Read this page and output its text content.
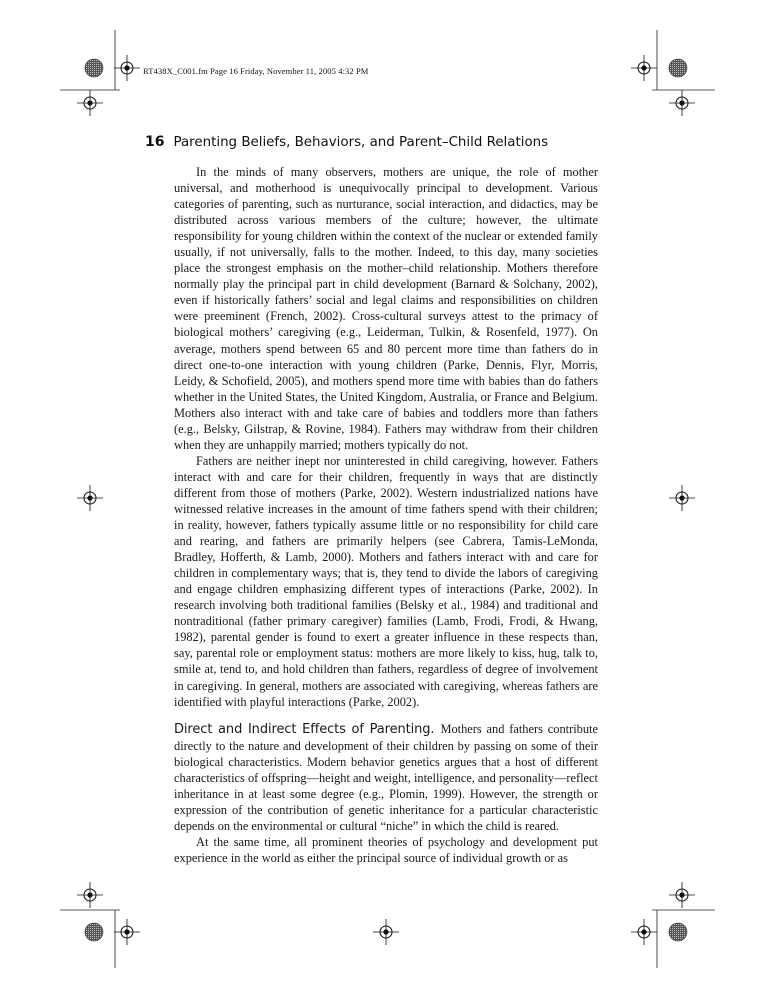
RT438X_C001.fm Page 16 Friday, November 11, 2005 4:32 PM
16 Parenting Beliefs, Behaviors, and Parent–Child Relations

In the minds of many observers, mothers are unique, the role of mother universal, and motherhood is unequivocally principal to development. Various categories of parenting, such as nurturance, social interaction, and didactics, may be distributed across various members of the culture; however, the ultimate responsibility for young children within the context of the nuclear or extended family usually, if not universally, falls to the mother. Indeed, to this day, many societies place the strongest emphasis on the mother–child relationship. Mothers therefore normally play the principal part in child development (Barnard & Solchany, 2002), even if historically fathers’ social and legal claims and responsibilities on children were preeminent (French, 2002). Cross-cultural surveys attest to the primacy of biological mothers’ caregiving (e.g., Leiderman, Tulkin, & Rosenfeld, 1977). On average, mothers spend between 65 and 80 percent more time than fathers do in direct one-to-one interaction with young children (Parke, Dennis, Flyr, Morris, Leidy, & Schofield, 2005), and mothers spend more time with babies than do fathers whether in the United States, the United Kingdom, Australia, or France and Belgium. Mothers also interact with and take care of babies and toddlers more than fathers (e.g., Belsky, Gilstrap, & Rovine, 1984). Fathers may withdraw from their children when they are unhappily married; mothers typically do not.

Fathers are neither inept nor uninterested in child caregiving, however. Fathers interact with and care for their children, frequently in ways that are distinctly different from those of mothers (Parke, 2002). Western industrialized nations have witnessed relative increases in the amount of time fathers spend with their children; in reality, however, fathers typically assume little or no responsibility for child care and rearing, and fathers are primarily helpers (see Cabrera, Tamis-LeMonda, Bradley, Hofferth, & Lamb, 2000). Mothers and fathers interact with and care for children in complementary ways; that is, they tend to divide the labors of caregiving and engage children emphasizing different types of interactions (Parke, 2002). In research involving both traditional families (Belsky et al., 1984) and traditional and nontraditional (father primary caregiver) families (Lamb, Frodi, Frodi, & Hwang, 1982), parental gender is found to exert a greater influence in these respects than, say, parental role or employment status: mothers are more likely to kiss, hug, talk to, smile at, tend to, and hold children than fathers, regardless of degree of involvement in caregiving. In general, mothers are associated with caregiving, whereas fathers are identified with playful interactions (Parke, 2002).

Direct and Indirect Effects of Parenting. Mothers and fathers contribute directly to the nature and development of their children by passing on some of their biological characteristics. Modern behavior genetics argues that a host of different characteristics of offspring—height and weight, intelligence, and personality—reflect inheritance in at least some degree (e.g., Plomin, 1999). However, the strength or expression of the contribution of genetic inheritance for a particular characteristic depends on the environmental or cultural “niche” in which the child is reared.

At the same time, all prominent theories of psychology and development put experience in the world as either the principal source of individual growth or as
